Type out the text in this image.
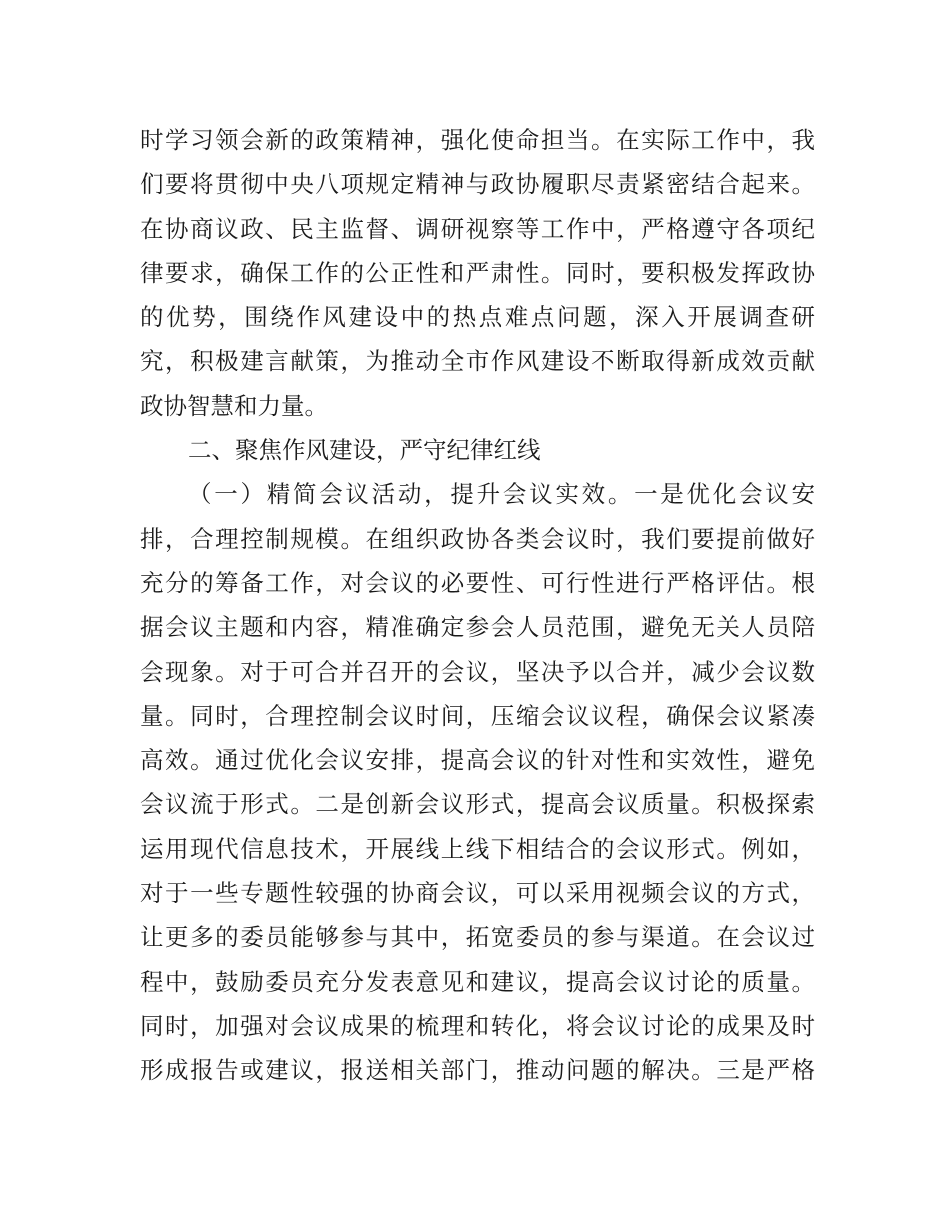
时学习领会新的政策精神，强化使命担当。在实际工作中，我
们要将贯彻中央八项规定精神与政协履职尽责紧密结合起来。
在协商议政、民主监督、调研视察等工作中，严格遵守各项纪
律要求，确保工作的公正性和严肃性。同时，要积极发挥政协
的优势，围绕作风建设中的热点难点问题，深入开展调查研
究，积极建言献策，为推动全市作风建设不断取得新成效贡献
政协智慧和力量。
二、聚焦作风建设，严守纪律红线
（一）精简会议活动，提升会议实效。一是优化会议安
排，合理控制规模。在组织政协各类会议时，我们要提前做好
充分的筹备工作，对会议的必要性、可行性进行严格评估。根
据会议主题和内容，精准确定参会人员范围，避免无关人员陪
会现象。对于可合并召开的会议，坚决予以合并，减少会议数
量。同时，合理控制会议时间，压缩会议议程，确保会议紧凑
高效。通过优化会议安排，提高会议的针对性和实效性，避免
会议流于形式。二是创新会议形式，提高会议质量。积极探索
运用现代信息技术，开展线上线下相结合的会议形式。例如，
对于一些专题性较强的协商会议，可以采用视频会议的方式，
让更多的委员能够参与其中，拓宽委员的参与渠道。在会议过
程中，鼓励委员充分发表意见和建议，提高会议讨论的质量。
同时，加强对会议成果的梳理和转化，将会议讨论的成果及时
形成报告或建议，报送相关部门，推动问题的解决。三是严格
